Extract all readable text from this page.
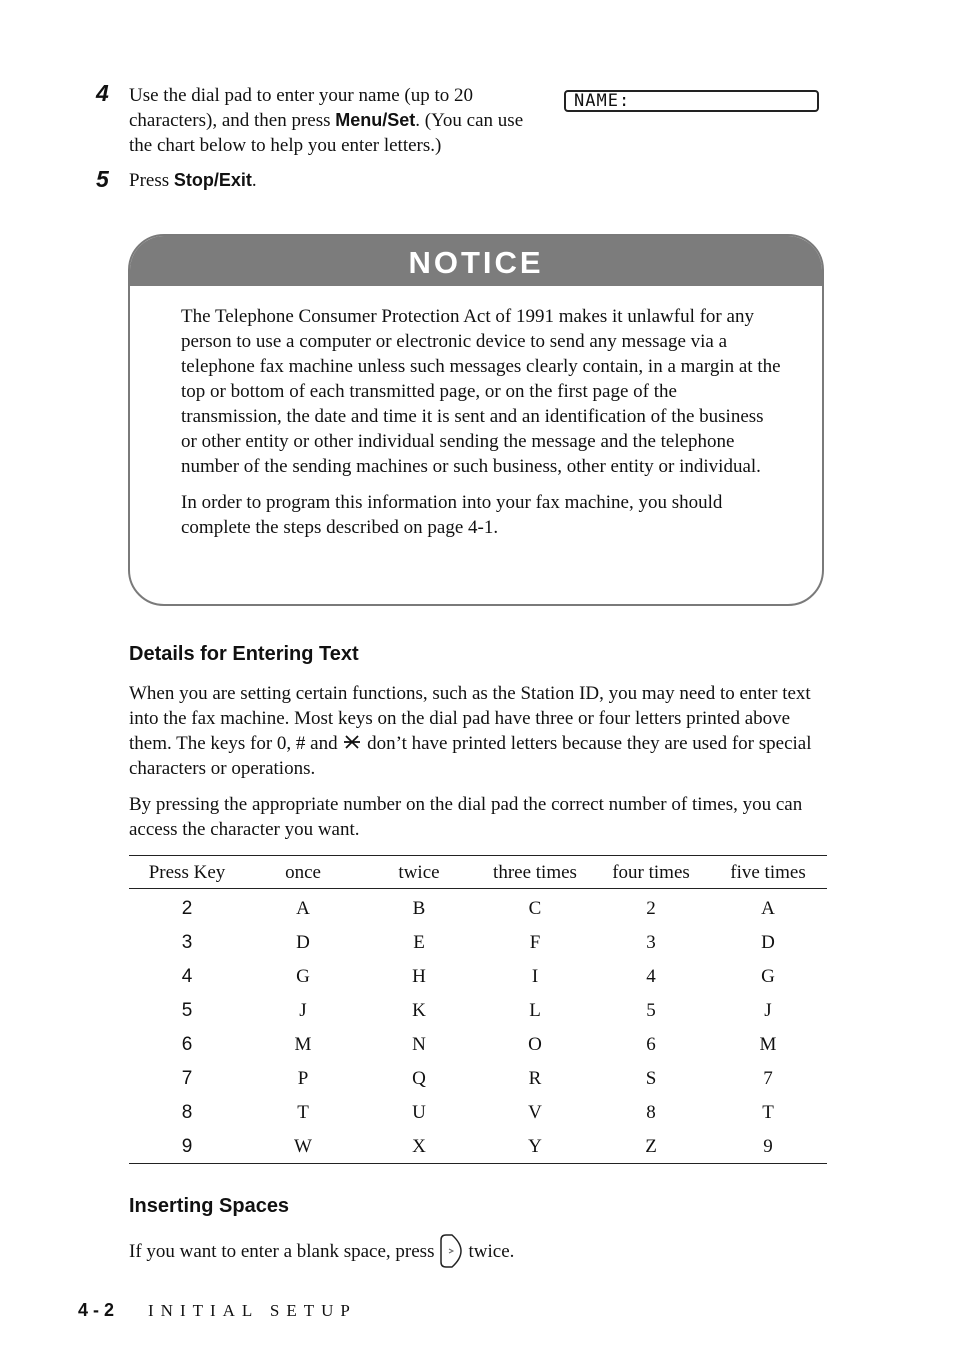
4 Use the dial pad to enter your name (up to 20 characters), and then press Menu/Set. (You can use the chart below to help you enter letters.)
NAME:
5 Press Stop/Exit.
NOTICE

The Telephone Consumer Protection Act of 1991 makes it unlawful for any person to use a computer or electronic device to send any message via a telephone fax machine unless such messages clearly contain, in a margin at the top or bottom of each transmitted page, or on the first page of the transmission, the date and time it is sent and an identification of the business or other entity or other individual sending the message and the telephone number of the sending machines or such business, other entity or individual.

In order to program this information into your fax machine, you should complete the steps described on page 4-1.

Details for Entering Text

When you are setting certain functions, such as the Station ID, you may need to enter text into the fax machine. Most keys on the dial pad have three or four letters printed above them. The keys for 0, # and  don’t have printed letters because they are used for special characters or operations.

By pressing the appropriate number on the dial pad the correct number of times, you can access the character you want.

Press Key	once	twice	three times	four times	five times
2	A	B	C	2	A
3	D	E	F	3	D
4	G	H	I	4	G
5	J	K	L	5	J
6	M	N	O	6	M
7	P	Q	R	S	7
8	T	U	V	8	T
9	W	X	Y	Z	9
Inserting Spaces

If you want to enter a blank space, press twice.

4 - 2 INITIAL SETUP
